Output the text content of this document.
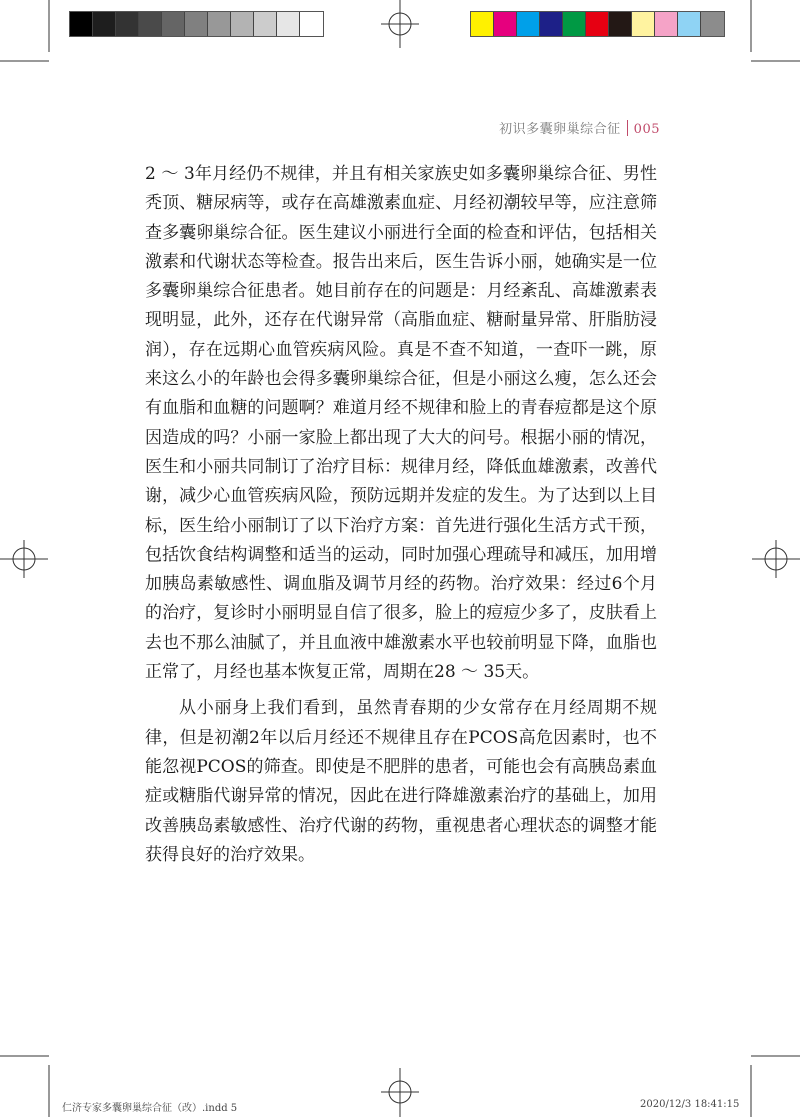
初识多囊卵巢综合征 005

2 ～ 3年月经仍不规律，并且有相关家族史如多囊卵巢综合征、男性秃顶、糖尿病等，或存在高雄激素血症、月经初潮较早等，应注意筛查多囊卵巢综合征。医生建议小丽进行全面的检查和评估，包括相关激素和代谢状态等检查。报告出来后，医生告诉小丽，她确实是一位多囊卵巢综合征患者。她目前存在的问题是：月经紊乱、高雄激素表现明显，此外，还存在代谢异常（高脂血症、糖耐量异常、肝脂肪浸润），存在远期心血管疾病风险。真是不查不知道，一查吓一跳，原来这么小的年龄也会得多囊卵巢综合征，但是小丽这么瘦，怎么还会有血脂和血糖的问题啊？难道月经不规律和脸上的青春痘都是这个原因造成的吗？小丽一家脸上都出现了大大的问号。根据小丽的情况，医生和小丽共同制订了治疗目标：规律月经，降低血雄激素，改善代谢，减少心血管疾病风险，预防远期并发症的发生。为了达到以上目标，医生给小丽制订了以下治疗方案：首先进行强化生活方式干预，包括饮食结构调整和适当的运动，同时加强心理疏导和减压，加用增加胰岛素敏感性、调血脂及调节月经的药物。治疗效果：经过6个月的治疗，复诊时小丽明显自信了很多，脸上的痘痘少多了，皮肤看上去也不那么油腻了，并且血液中雄激素水平也较前明显下降，血脂也正常了，月经也基本恢复正常，周期在28 ～ 35天。

从小丽身上我们看到，虽然青春期的少女常存在月经周期不规律，但是初潮2年以后月经还不规律且存在PCOS高危因素时，也不能忽视PCOS的筛查。即使是不肥胖的患者，可能也会有高胰岛素血症或糖脂代谢异常的情况，因此在进行降雄激素治疗的基础上，加用改善胰岛素敏感性、治疗代谢的药物，重视患者心理状态的调整才能获得良好的治疗效果。

仁济专家多囊卵巢综合征（改）.indd 5	2020/12/3 18:41:15
